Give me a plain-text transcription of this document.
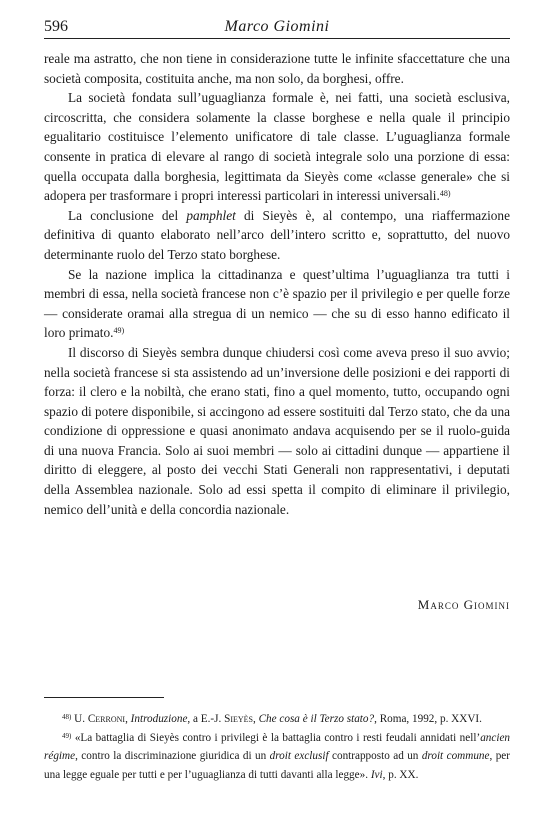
596	Marco Giomini

reale ma astratto, che non tiene in considerazione tutte le infinite sfaccettature che una società composita, costituita anche, ma non solo, da borghesi, offre.

La società fondata sull’uguaglianza formale è, nei fatti, una società esclusiva, circoscritta, che considera solamente la classe borghese e nella quale il principio egualitario costituisce l’elemento unificatore di tale classe. L’uguaglianza formale consente in pratica di elevare al rango di società integrale solo una porzione di essa: quella occupata dalla borghesia, legittimata da Sieyès come «classe generale» che si adopera per trasformare i propri interessi particolari in interessi universali.$^{48)}$

La conclusione del pamphlet di Sieyès è, al contempo, una riaffermazione definitiva di quanto elaborato nell’arco dell’intero scritto e, soprattutto, del nuovo determinante ruolo del Terzo stato borghese.

Se la nazione implica la cittadinanza e quest’ultima l’uguaglianza tra tutti i membri di essa, nella società francese non c’è spazio per il privilegio e per quelle forze — considerate oramai alla stregua di un nemico — che su di esso hanno edificato il loro primato.$^{49)}$

Il discorso di Sieyès sembra dunque chiudersi così come aveva preso il suo avvio; nella società francese si sta assistendo ad un’inversione delle posizioni e dei rapporti di forza: il clero e la nobiltà, che erano stati, fino a quel momento, tutto, occupando ogni spazio di potere disponibile, si accingono ad essere sostituiti dal Terzo stato, che da una condizione di oppressione e quasi anonimato andava acquisendo per se il ruolo-guida di una nuova Francia. Solo ai suoi membri — solo ai cittadini dunque — appartiene il diritto di eleggere, al posto dei vecchi Stati Generali non rappresentativi, i deputati della Assemblea nazionale. Solo ad essi spetta il compito di eliminare il privilegio, nemico dell’unità e della concordia nazionale.

Marco Giomini

$^{48)}$ U. Cerroni, Introduzione, a E.-J. Sieyès, Che cosa è il Terzo stato?, Roma, 1992, p. XXVI.

$^{49)}$ «La battaglia di Sieyès contro i privilegi è la battaglia contro i resti feudali annidati nell’ancien régime, contro la discriminazione giuridica di un droit exclusif contrapposto ad un droit commune, per una legge eguale per tutti e per l’uguaglianza di tutti davanti alla legge». Ivi, p. XX.
